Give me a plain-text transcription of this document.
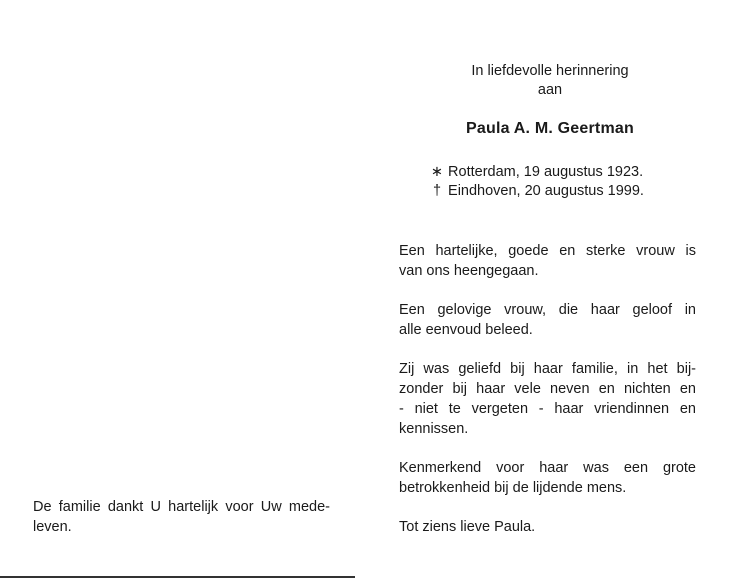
In liefdevolle herinnering
aan
Paula A. M. Geertman
∗ Rotterdam, 19 augustus 1923.
† Eindhoven, 20 augustus 1999.
Een hartelijke, goede en sterke vrouw is
van ons heengegaan.
Een gelovige vrouw, die haar geloof in
alle eenvoud beleed.
Zij was geliefd bij haar familie, in het bij-
zonder bij haar vele neven en nichten en
- niet te vergeten - haar vriendinnen en
kennissen.
Kenmerkend voor haar was een grote
betrokkenheid bij de lijdende mens.
Tot ziens lieve Paula.
De familie dankt U hartelijk voor Uw mede-
leven.
